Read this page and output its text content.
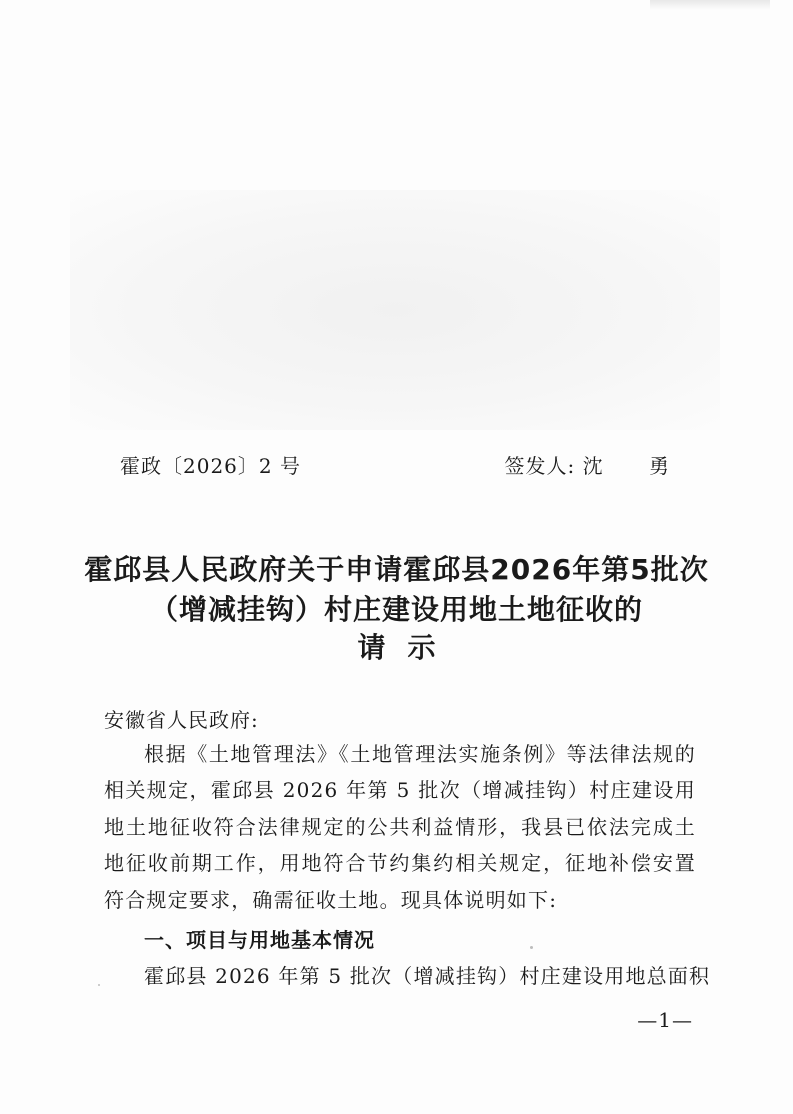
霍政〔2026〕2 号	签发人: 沈 勇
霍邱县人民政府关于申请霍邱县2026年第5批次
（增减挂钩）村庄建设用地土地征收的
请示
安徽省人民政府:
根据《土地管理法》《土地管理法实施条例》等法律法规的相关规定，霍邱县 2026 年第 5 批次（增减挂钩）村庄建设用地土地征收符合法律规定的公共利益情形，我县已依法完成土地征收前期工作，用地符合节约集约相关规定，征地补偿安置符合规定要求，确需征收土地。现具体说明如下:
一、项目与用地基本情况
霍邱县 2026 年第 5 批次（增减挂钩）村庄建设用地总面积
—1—
